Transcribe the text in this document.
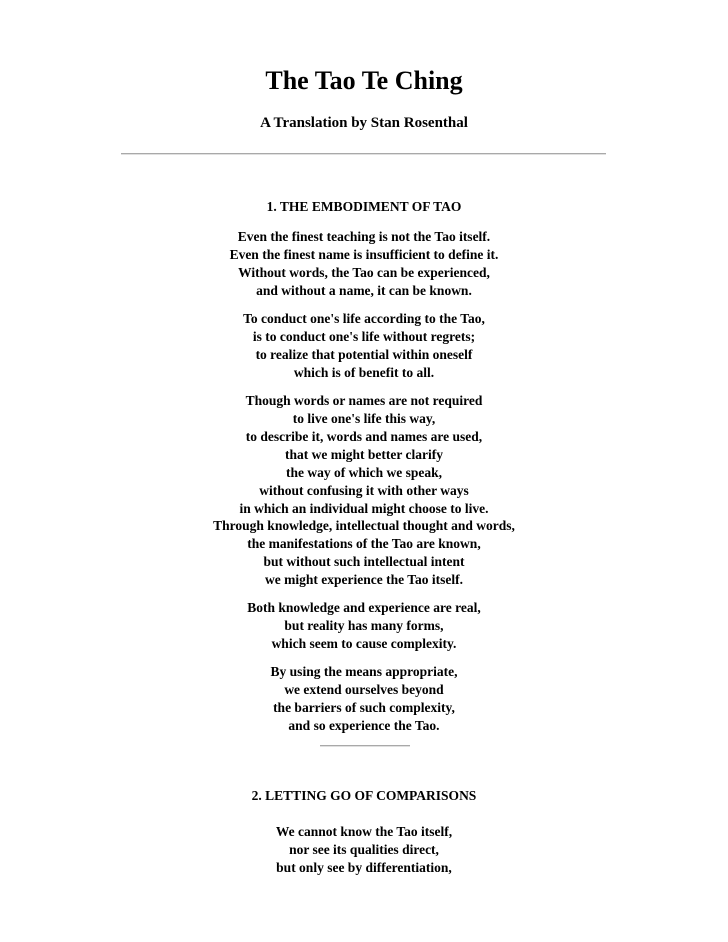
The Tao Te Ching
A Translation by Stan Rosenthal
1. THE EMBODIMENT OF TAO
Even the finest teaching is not the Tao itself.
Even the finest name is insufficient to define it.
Without words, the Tao can be experienced,
and without a name, it can be known.
To conduct one's life according to the Tao,
is to conduct one's life without regrets;
to realize that potential within oneself
which is of benefit to all.
Though words or names are not required
to live one's life this way,
to describe it, words and names are used,
that we might better clarify
the way of which we speak,
without confusing it with other ways
in which an individual might choose to live.
Through knowledge, intellectual thought and words,
the manifestations of the Tao are known,
but without such intellectual intent
we might experience the Tao itself.
Both knowledge and experience are real,
but reality has many forms,
which seem to cause complexity.
By using the means appropriate,
we extend ourselves beyond
the barriers of such complexity,
and so experience the Tao.
2. LETTING GO OF COMPARISONS
We cannot know the Tao itself,
nor see its qualities direct,
but only see by differentiation,
